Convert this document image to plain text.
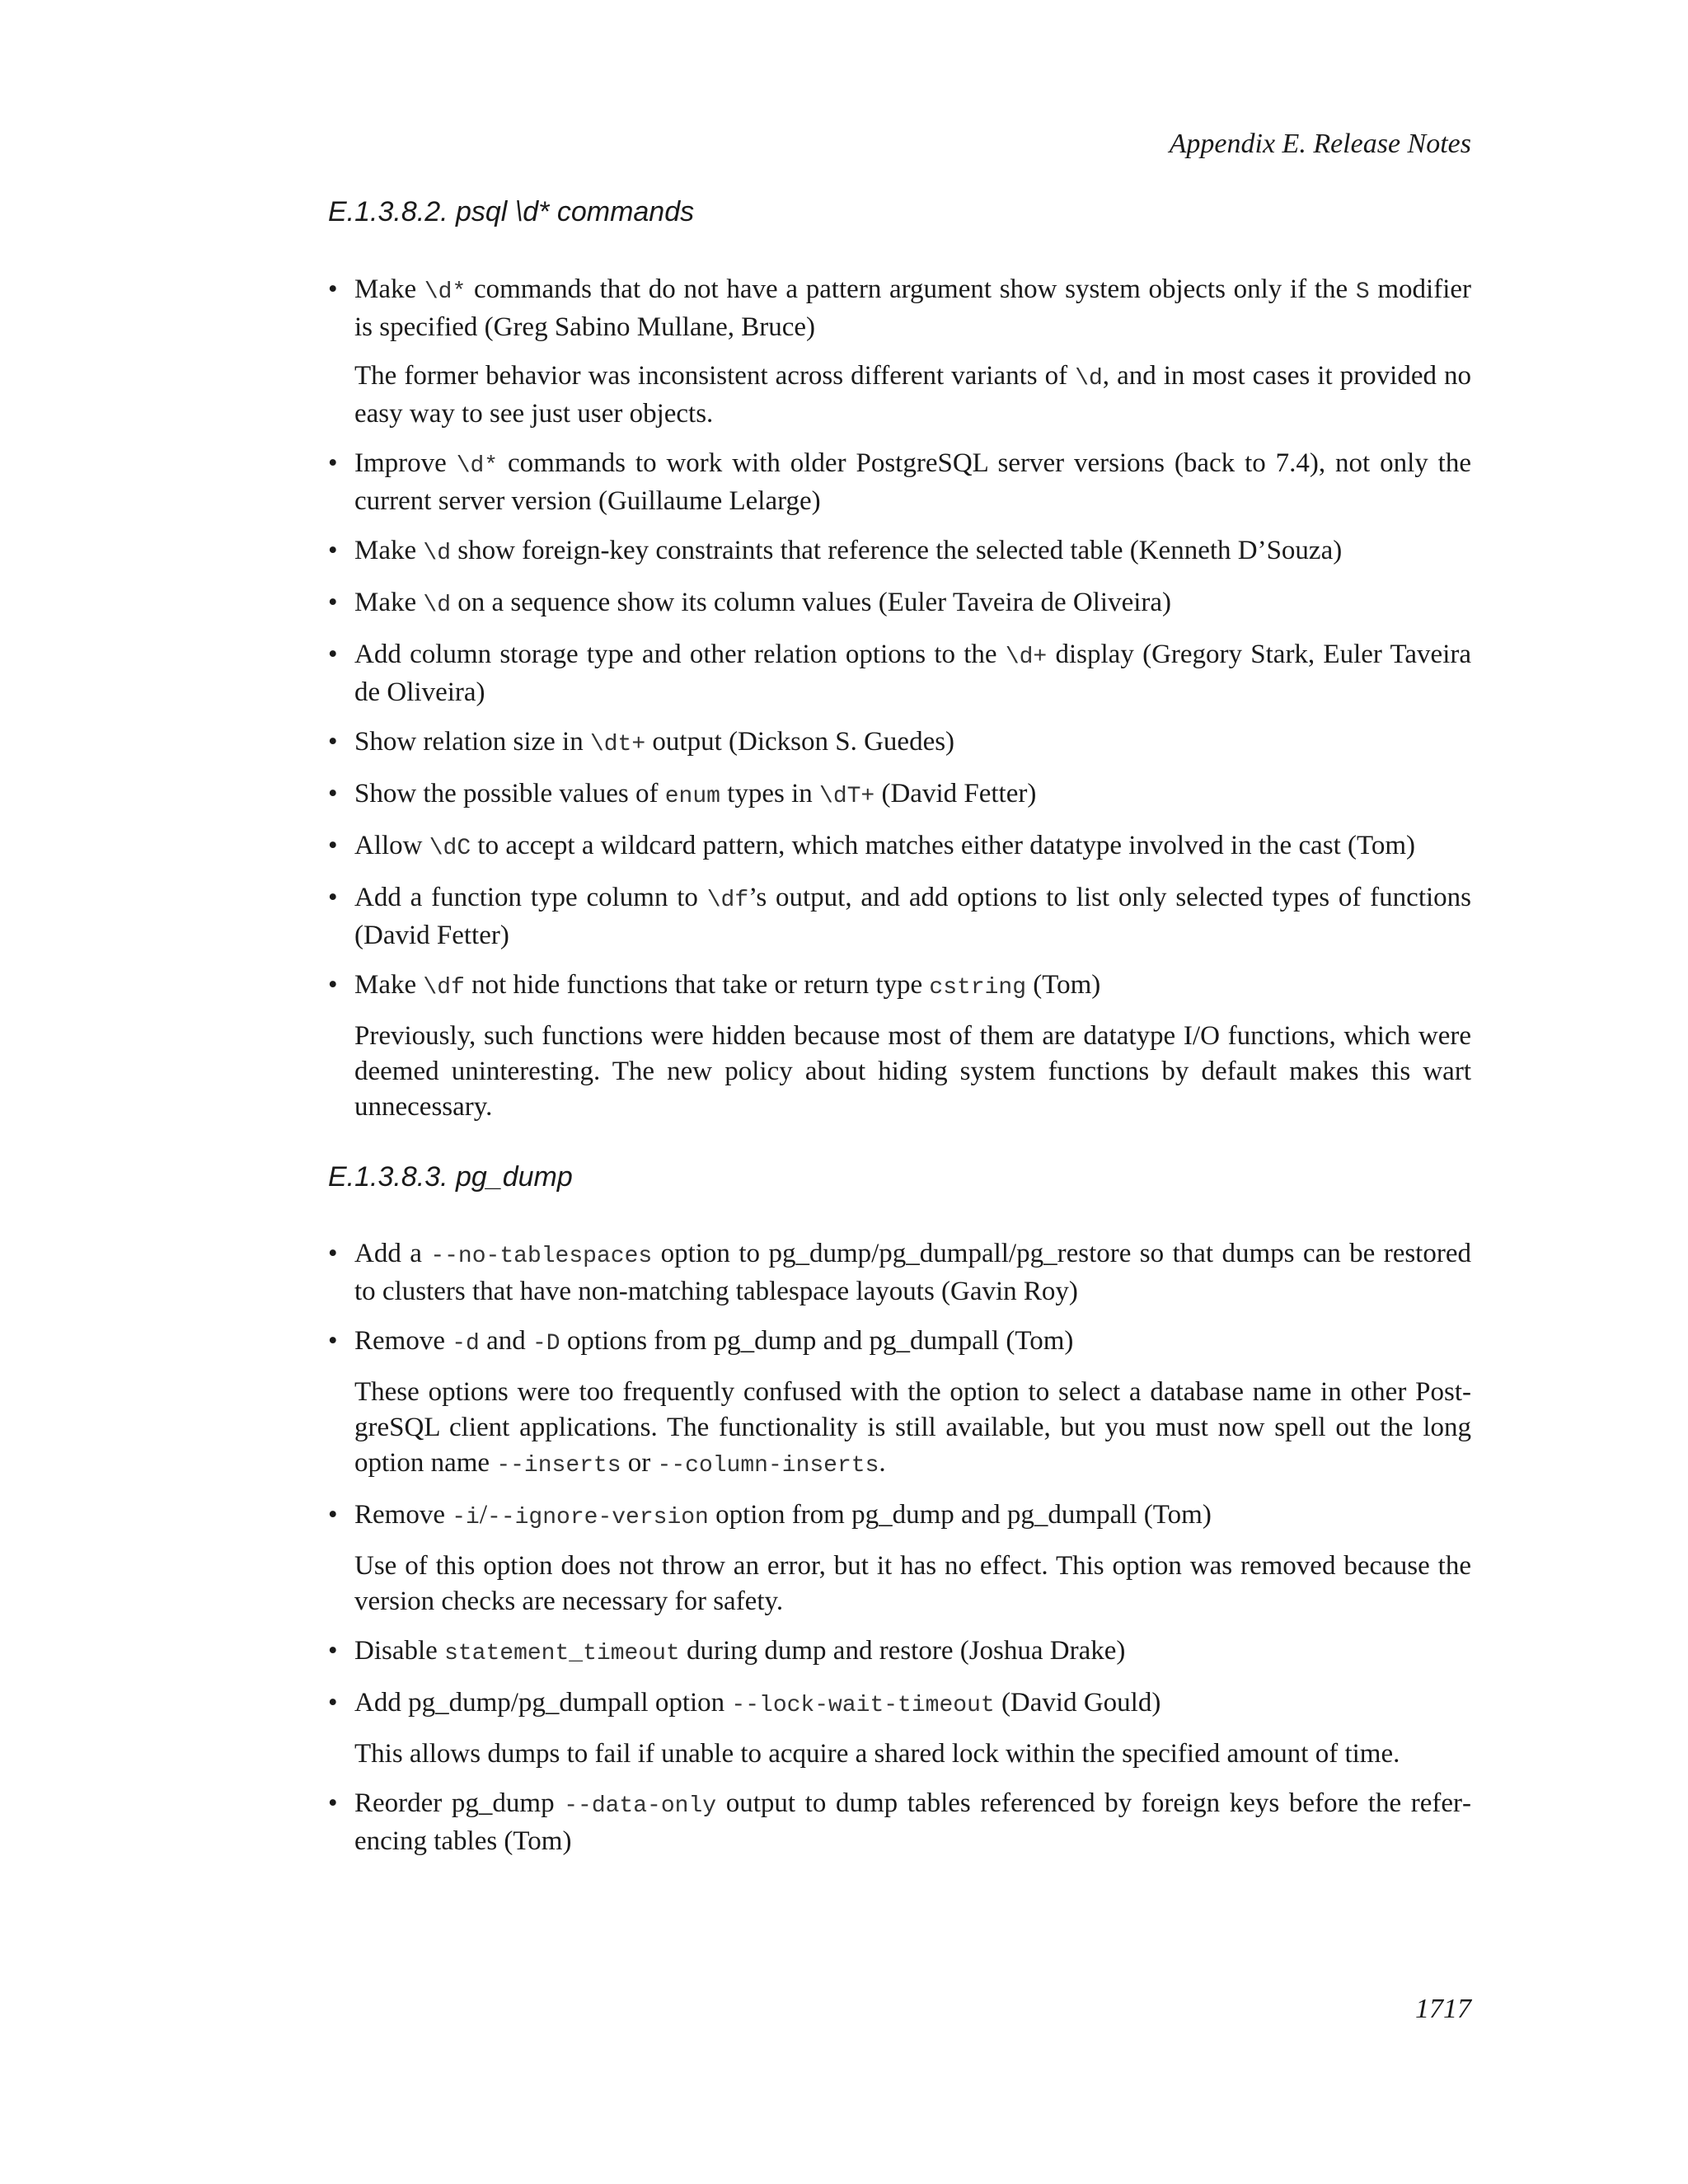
Appendix E. Release Notes
E.1.3.8.2. psql \d* commands
• Make \d* commands that do not have a pattern argument show system objects only if the S modifier is specified (Greg Sabino Mullane, Bruce)

The former behavior was inconsistent across different variants of \d, and in most cases it provided no easy way to see just user objects.

• Improve \d* commands to work with older PostgreSQL server versions (back to 7.4), not only the current server version (Guillaume Lelarge)

• Make \d show foreign-key constraints that reference the selected table (Kenneth D’Souza)

• Make \d on a sequence show its column values (Euler Taveira de Oliveira)

• Add column storage type and other relation options to the \d+ display (Gregory Stark, Euler Taveira de Oliveira)

• Show relation size in \dt+ output (Dickson S. Guedes)

• Show the possible values of enum types in \dT+ (David Fetter)

• Allow \dC to accept a wildcard pattern, which matches either datatype involved in the cast (Tom)

• Add a function type column to \df’s output, and add options to list only selected types of functions (David Fetter)

• Make \df not hide functions that take or return type cstring (Tom)

Previously, such functions were hidden because most of them are datatype I/O functions, which were deemed uninteresting. The new policy about hiding system functions by default makes this wart unnecessary.

E.1.3.8.3. pg_dump
• Add a --no-tablespaces option to pg_dump/pg_dumpall/pg_restore so that dumps can be restored to clusters that have non-matching tablespace layouts (Gavin Roy)

• Remove -d and -D options from pg_dump and pg_dumpall (Tom)

These options were too frequently confused with the option to select a database name in other PostgreSQL client applications. The functionality is still available, but you must now spell out the long option name --inserts or --column-inserts.

• Remove -i/--ignore-version option from pg_dump and pg_dumpall (Tom)

Use of this option does not throw an error, but it has no effect. This option was removed because the version checks are necessary for safety.

• Disable statement_timeout during dump and restore (Joshua Drake)

• Add pg_dump/pg_dumpall option --lock-wait-timeout (David Gould)

This allows dumps to fail if unable to acquire a shared lock within the specified amount of time.

• Reorder pg_dump --data-only output to dump tables referenced by foreign keys before the referencing tables (Tom)

1717
